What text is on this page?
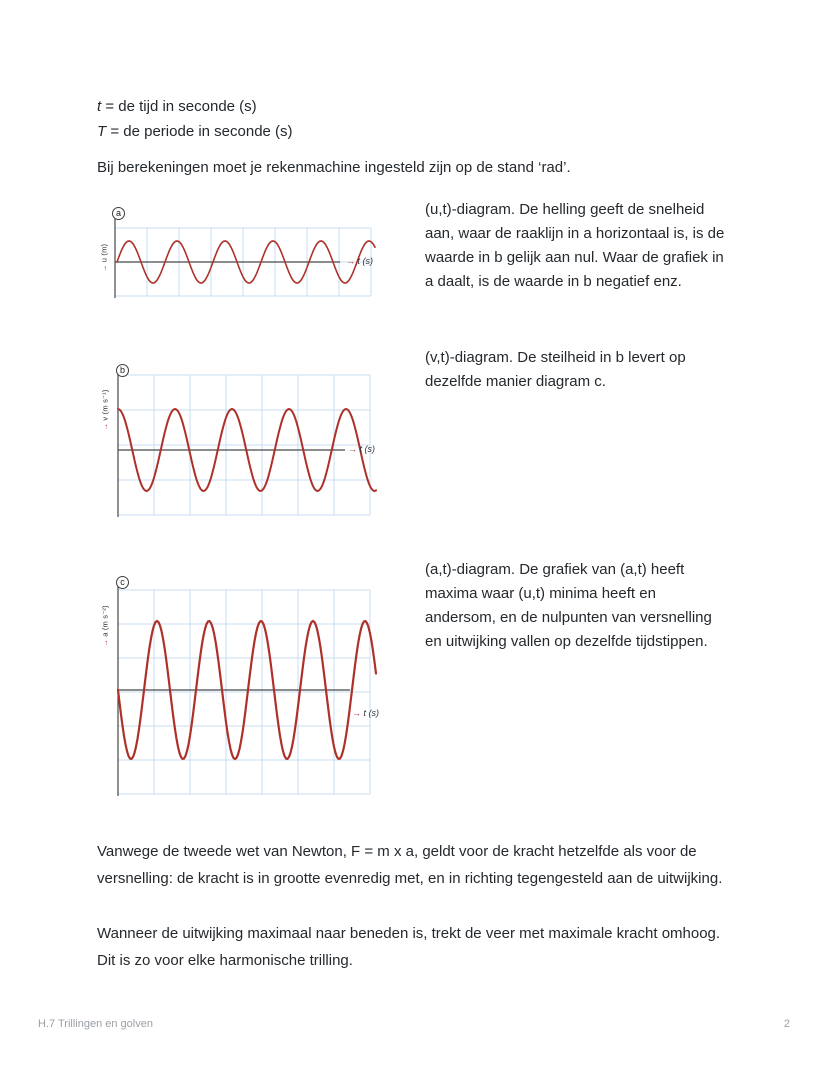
t = de tijd in seconde (s)

T = de periode in seconde (s)

Bij berekeningen moet je rekenmachine ingesteld zijn op de stand ‘rad’.

a
→ u (m)	→ t (s)
(u,t)-diagram. De helling geeft de snelheid aan, waar de raaklijn in a horizontaal is, is de waarde in b gelijk aan nul. Waar de grafiek in a daalt, is de waarde in b negatief enz.
b
→ v (m s⁻¹)
→ t (s)
(v,t)-diagram. De steilheid in b levert op dezelfde manier diagram c.
c
→ a (m s⁻²)
→ t (s)
(a,t)-diagram. De grafiek van (a,t) heeft maxima waar (u,t) minima heeft en andersom, en de nulpunten van versnelling en uitwijking vallen op dezelfde tijdstippen.

Vanwege de tweede wet van Newton, F = m x a, geldt voor de kracht hetzelfde als voor de versnelling: de kracht is in grootte evenredig met, en in richting tegengesteld aan de uitwijking.

Wanneer de uitwijking maximaal naar beneden is, trekt de veer met maximale kracht omhoog. Dit is zo voor elke harmonische trilling.

H.7 Trillingen en golven	2
